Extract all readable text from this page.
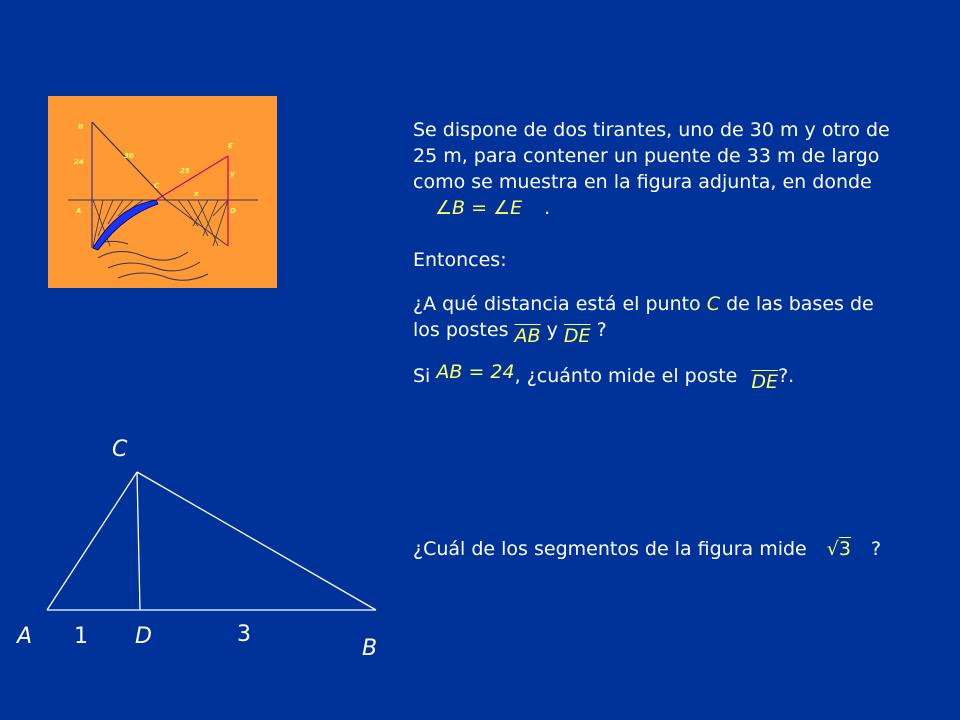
B
24
30
25
E
y
C
x
A	D
Se dispone de dos tirantes, uno de 30 m y otro de 25 m, para contener un puente de 33 m de largo como se muestra en la figura adjunta, en donde ∠B = ∠E .
Entonces:
¿A qué distancia está el punto C de las bases de los postes $\overline{AB}$ y $\overline{DE}$ ?
Si AB = 24, ¿cuánto mide el poste $\overline{DE}$?.
¿Cuál de los segmentos de la figura mide √3 ?
C
A 1 D	3
B
